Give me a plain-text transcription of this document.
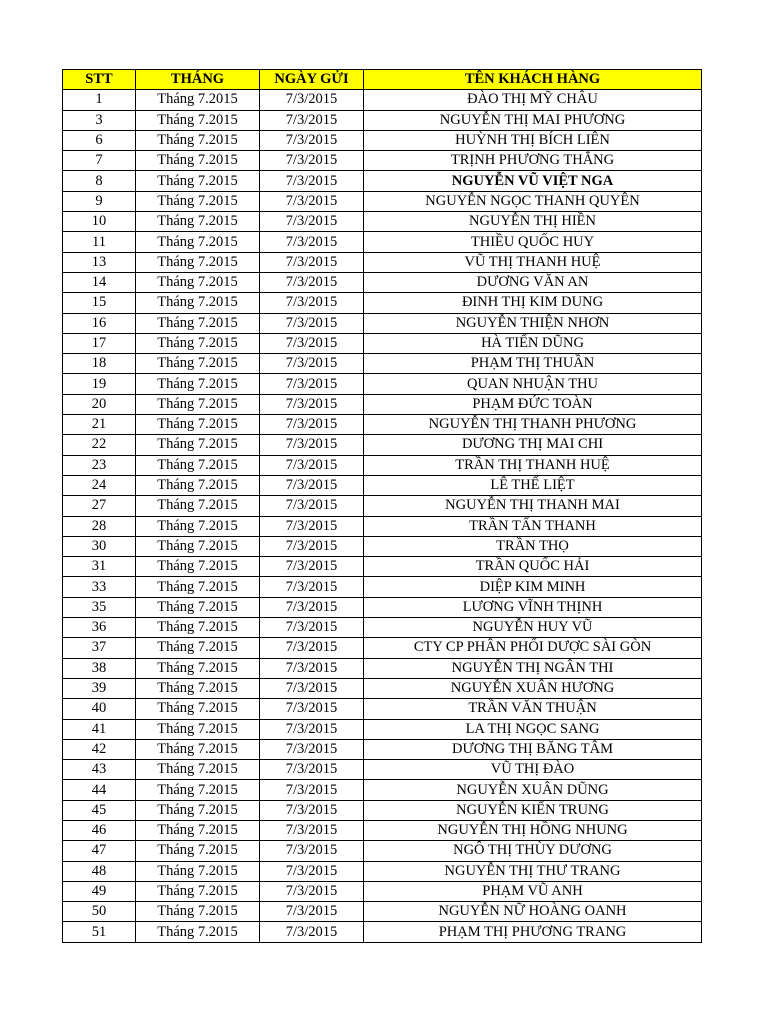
STT	THÁNG	NGÀY GỬI	TÊN KHÁCH HÀNG
1	Tháng 7.2015	7/3/2015	ĐÀO THỊ MỸ CHÂU
3	Tháng 7.2015	7/3/2015	NGUYỄN THỊ MAI PHƯƠNG
6	Tháng 7.2015	7/3/2015	HUỲNH THỊ BÍCH LIÊN
7	Tháng 7.2015	7/3/2015	TRỊNH PHƯƠNG THẮNG
8	Tháng 7.2015	7/3/2015	NGUYỄN VŨ VIỆT NGA
9	Tháng 7.2015	7/3/2015	NGUYỄN NGỌC THANH QUYÊN
10	Tháng 7.2015	7/3/2015	NGUYỄN THỊ HIỀN
11	Tháng 7.2015	7/3/2015	THIỀU QUỐC HUY
13	Tháng 7.2015	7/3/2015	VŨ THỊ THANH HUỆ
14	Tháng 7.2015	7/3/2015	DƯƠNG VĂN AN
15	Tháng 7.2015	7/3/2015	ĐINH THỊ KIM DUNG
16	Tháng 7.2015	7/3/2015	NGUYỄN THIỆN NHƠN
17	Tháng 7.2015	7/3/2015	HÀ TIẾN DŨNG
18	Tháng 7.2015	7/3/2015	PHẠM THỊ THUẦN
19	Tháng 7.2015	7/3/2015	QUAN NHUẬN THU
20	Tháng 7.2015	7/3/2015	PHẠM ĐỨC TOÀN
21	Tháng 7.2015	7/3/2015	NGUYỄN THỊ THANH PHƯƠNG
22	Tháng 7.2015	7/3/2015	DƯƠNG THỊ MAI CHI
23	Tháng 7.2015	7/3/2015	TRẦN THỊ THANH HUỆ
24	Tháng 7.2015	7/3/2015	LÊ THẾ LIỆT
27	Tháng 7.2015	7/3/2015	NGUYỄN THỊ THANH MAI
28	Tháng 7.2015	7/3/2015	TRẦN TẤN THANH
30	Tháng 7.2015	7/3/2015	TRẦN THỌ
31	Tháng 7.2015	7/3/2015	TRẦN QUỐC HẢI
33	Tháng 7.2015	7/3/2015	DIỆP KIM MINH
35	Tháng 7.2015	7/3/2015	LƯƠNG VĨNH THỊNH
36	Tháng 7.2015	7/3/2015	NGUYỄN HUY VŨ
37	Tháng 7.2015	7/3/2015	CTY CP PHÂN PHỐI DƯỢC SÀI GÒN
38	Tháng 7.2015	7/3/2015	NGUYỄN THỊ NGÂN THI
39	Tháng 7.2015	7/3/2015	NGUYỄN XUÂN HƯƠNG
40	Tháng 7.2015	7/3/2015	TRẦN VĂN THUẬN
41	Tháng 7.2015	7/3/2015	LA THỊ NGỌC SANG
42	Tháng 7.2015	7/3/2015	DƯƠNG THỊ BĂNG TÂM
43	Tháng 7.2015	7/3/2015	VŨ THỊ ĐÀO
44	Tháng 7.2015	7/3/2015	NGUYỄN XUÂN DŨNG
45	Tháng 7.2015	7/3/2015	NGUYỄN KIẾN TRUNG
46	Tháng 7.2015	7/3/2015	NGUYỄN THỊ HỒNG NHUNG
47	Tháng 7.2015	7/3/2015	NGÔ THỊ THÙY DƯƠNG
48	Tháng 7.2015	7/3/2015	NGUYỄN THỊ THƯ TRANG
49	Tháng 7.2015	7/3/2015	PHẠM VŨ ANH
50	Tháng 7.2015	7/3/2015	NGUYỄN NỮ HOÀNG OANH
51	Tháng 7.2015	7/3/2015	PHẠM THỊ PHƯƠNG TRANG
